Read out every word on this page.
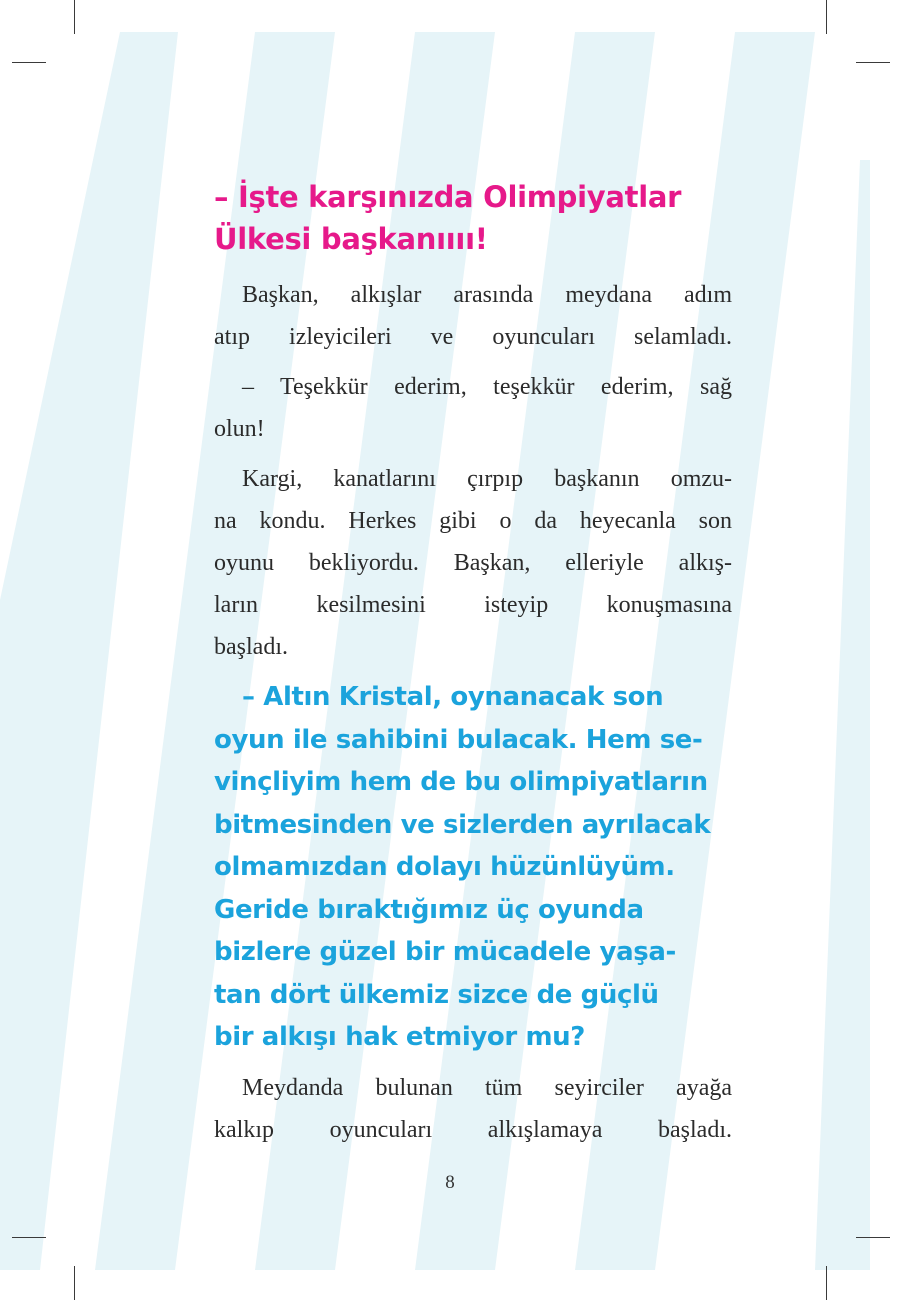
– İşte karşınızda Olimpiyatlar
Ülkesi başkanıııı!
Başkan, alkışlar arasında meydana adım
atıp izleyicileri ve oyuncuları selamladı.
– Teşekkür ederim, teşekkür ederim, sağ
olun!
Kargi, kanatlarını çırpıp başkanın omzu-
na kondu. Herkes gibi o da heyecanla son
oyunu bekliyordu. Başkan, elleriyle alkış-
ların kesilmesini isteyip konuşmasına
başladı.
– Altın Kristal, oynanacak son
oyun ile sahibini bulacak. Hem se-
vinçliyim hem de bu olimpiyatların
bitmesinden ve sizlerden ayrılacak
olmamızdan dolayı hüzünlüyüm.
Geride bıraktığımız üç oyunda
bizlere güzel bir mücadele yaşa-
tan dört ülkemiz sizce de güçlü
bir alkışı hak etmiyor mu?
Meydanda bulunan tüm seyirciler ayağa
kalkıp oyuncuları alkışlamaya başladı.
8
